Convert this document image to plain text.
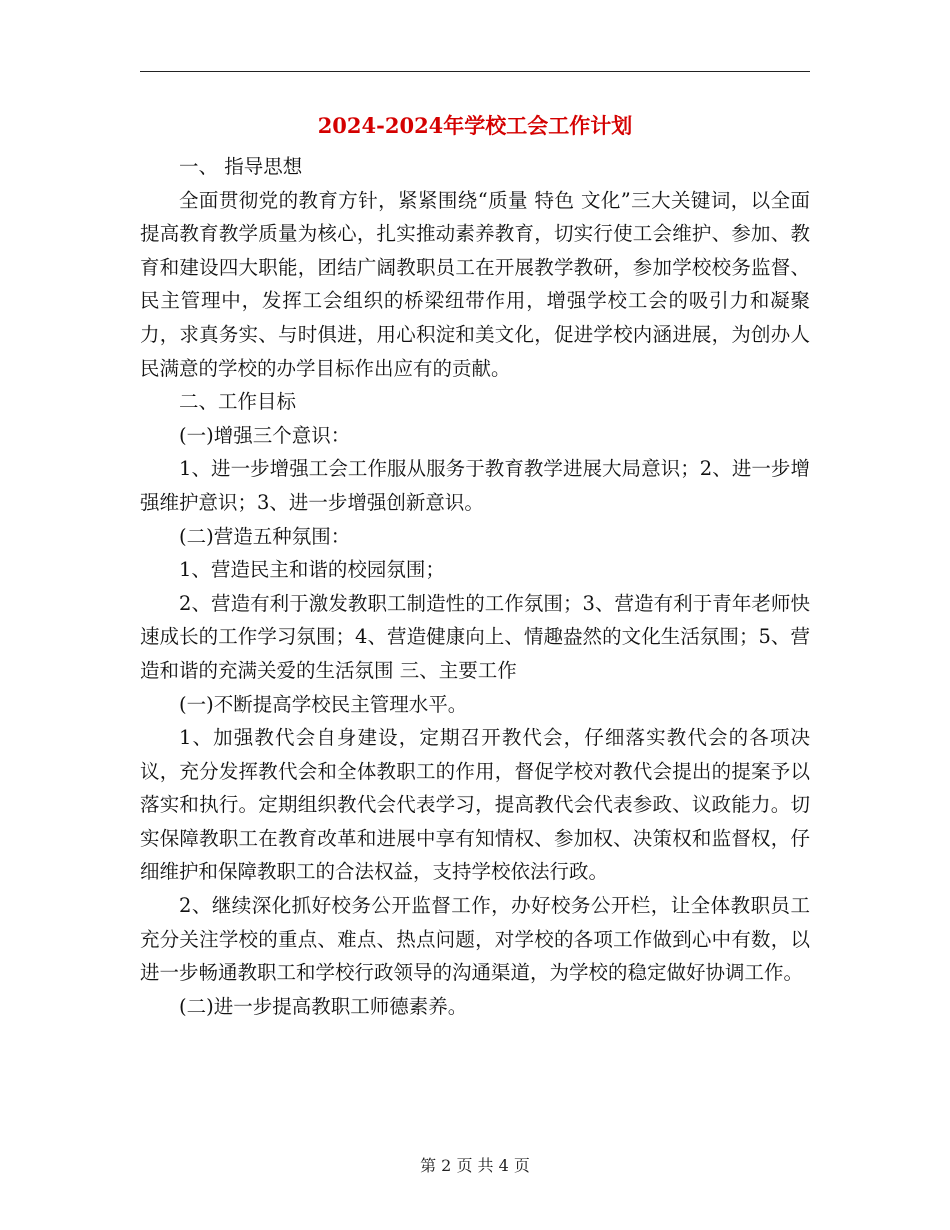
2024-2024年学校工会工作计划

一、 指导思想

全面贯彻党的教育方针，紧紧围绕“质量 特色 文化”三大关键词，以全面提高教育教学质量为核心，扎实推动素养教育，切实行使工会维护、参加、教育和建设四大职能，团结广阔教职员工在开展教学教研，参加学校校务监督、民主管理中，发挥工会组织的桥梁纽带作用，增强学校工会的吸引力和凝聚力，求真务实、与时俱进，用心积淀和美文化，促进学校内涵进展，为创办人民满意的学校的办学目标作出应有的贡献。

二、工作目标

(一)增强三个意识：

1、进一步增强工会工作服从服务于教育教学进展大局意识；2、进一步增强维护意识；3、进一步增强创新意识。

(二)营造五种氛围：

1、营造民主和谐的校园氛围；

2、营造有利于激发教职工制造性的工作氛围；3、营造有利于青年老师快速成长的工作学习氛围；4、营造健康向上、情趣盎然的文化生活氛围；5、营造和谐的充满关爱的生活氛围 三、主要工作

(一)不断提高学校民主管理水平。

1、加强教代会自身建设，定期召开教代会，仔细落实教代会的各项决议，充分发挥教代会和全体教职工的作用，督促学校对教代会提出的提案予以落实和执行。定期组织教代会代表学习，提高教代会代表参政、议政能力。切实保障教职工在教育改革和进展中享有知情权、参加权、决策权和监督权，仔细维护和保障教职工的合法权益，支持学校依法行政。

2、继续深化抓好校务公开监督工作，办好校务公开栏，让全体教职员工充分关注学校的重点、难点、热点问题，对学校的各项工作做到心中有数，以进一步畅通教职工和学校行政领导的沟通渠道，为学校的稳定做好协调工作。

(二)进一步提高教职工师德素养。

第 2 页 共 4 页
